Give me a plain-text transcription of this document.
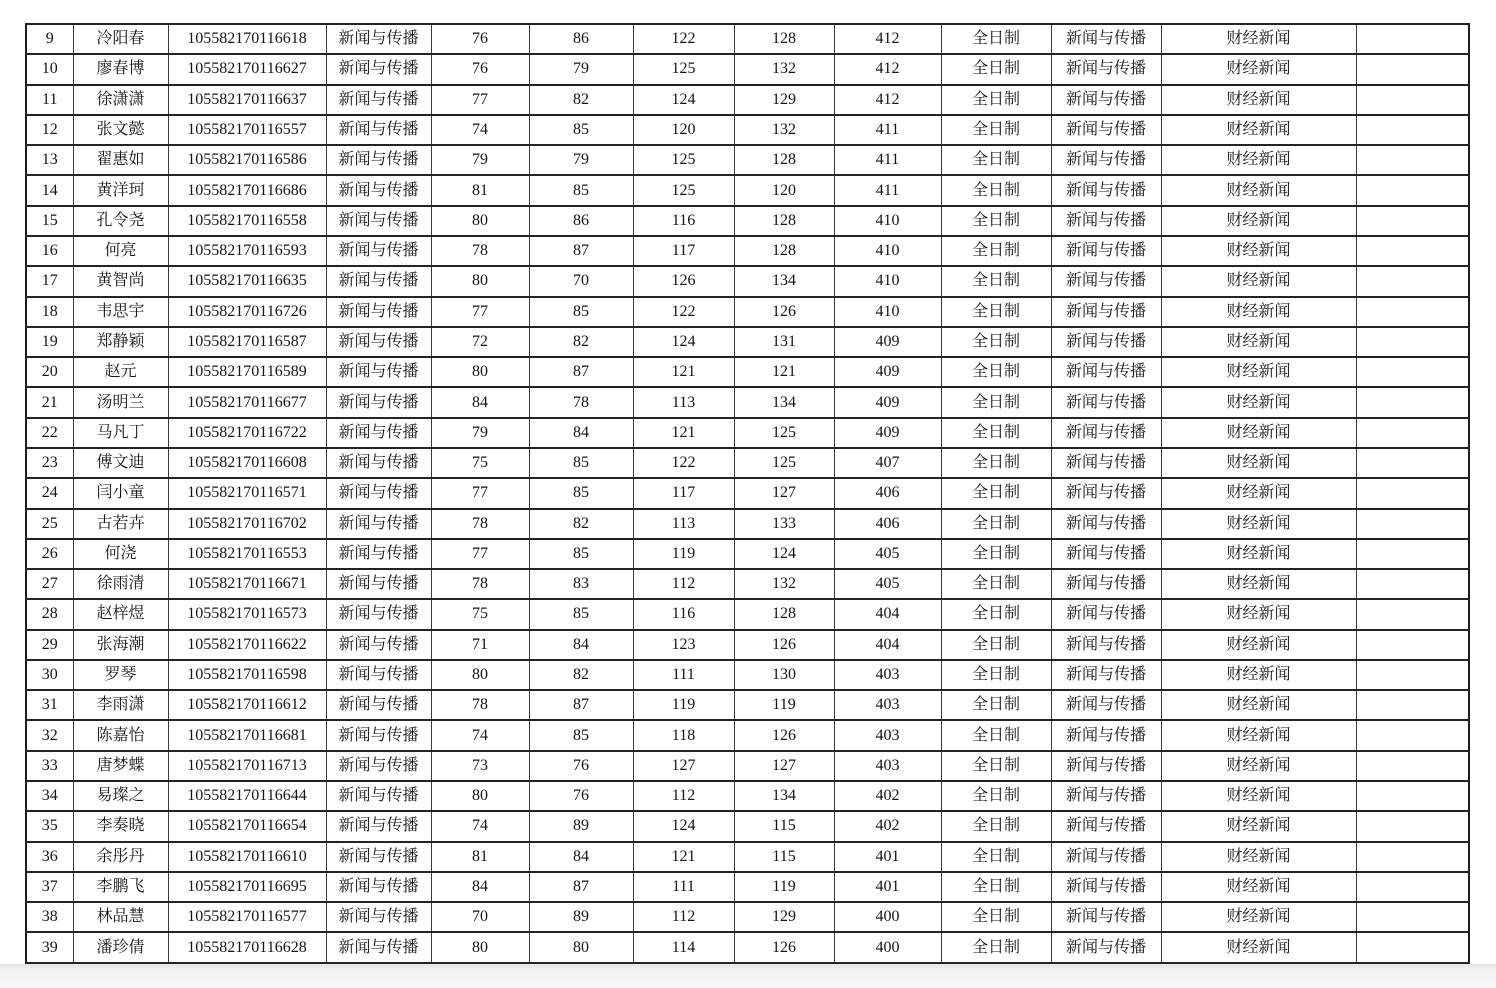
9	冷阳春	105582170116618	新闻与传播	76	86	122	128	412	全日制	新闻与传播	财经新闻	
10	廖春博	105582170116627	新闻与传播	76	79	125	132	412	全日制	新闻与传播	财经新闻	
11	徐潇潇	105582170116637	新闻与传播	77	82	124	129	412	全日制	新闻与传播	财经新闻	
12	张文懿	105582170116557	新闻与传播	74	85	120	132	411	全日制	新闻与传播	财经新闻	
13	翟惠如	105582170116586	新闻与传播	79	79	125	128	411	全日制	新闻与传播	财经新闻	
14	黄洋珂	105582170116686	新闻与传播	81	85	125	120	411	全日制	新闻与传播	财经新闻	
15	孔令尧	105582170116558	新闻与传播	80	86	116	128	410	全日制	新闻与传播	财经新闻	
16	何亮	105582170116593	新闻与传播	78	87	117	128	410	全日制	新闻与传播	财经新闻	
17	黄智尚	105582170116635	新闻与传播	80	70	126	134	410	全日制	新闻与传播	财经新闻	
18	韦思宇	105582170116726	新闻与传播	77	85	122	126	410	全日制	新闻与传播	财经新闻	
19	郑静颖	105582170116587	新闻与传播	72	82	124	131	409	全日制	新闻与传播	财经新闻	
20	赵元	105582170116589	新闻与传播	80	87	121	121	409	全日制	新闻与传播	财经新闻	
21	汤明兰	105582170116677	新闻与传播	84	78	113	134	409	全日制	新闻与传播	财经新闻	
22	马凡丁	105582170116722	新闻与传播	79	84	121	125	409	全日制	新闻与传播	财经新闻	
23	傅文迪	105582170116608	新闻与传播	75	85	122	125	407	全日制	新闻与传播	财经新闻	
24	闫小童	105582170116571	新闻与传播	77	85	117	127	406	全日制	新闻与传播	财经新闻	
25	古若卉	105582170116702	新闻与传播	78	82	113	133	406	全日制	新闻与传播	财经新闻	
26	何浇	105582170116553	新闻与传播	77	85	119	124	405	全日制	新闻与传播	财经新闻	
27	徐雨清	105582170116671	新闻与传播	78	83	112	132	405	全日制	新闻与传播	财经新闻	
28	赵梓煜	105582170116573	新闻与传播	75	85	116	128	404	全日制	新闻与传播	财经新闻	
29	张海潮	105582170116622	新闻与传播	71	84	123	126	404	全日制	新闻与传播	财经新闻	
30	罗琴	105582170116598	新闻与传播	80	82	111	130	403	全日制	新闻与传播	财经新闻	
31	李雨潇	105582170116612	新闻与传播	78	87	119	119	403	全日制	新闻与传播	财经新闻	
32	陈嘉怡	105582170116681	新闻与传播	74	85	118	126	403	全日制	新闻与传播	财经新闻	
33	唐梦蝶	105582170116713	新闻与传播	73	76	127	127	403	全日制	新闻与传播	财经新闻	
34	易璨之	105582170116644	新闻与传播	80	76	112	134	402	全日制	新闻与传播	财经新闻	
35	李奏晓	105582170116654	新闻与传播	74	89	124	115	402	全日制	新闻与传播	财经新闻	
36	余彤丹	105582170116610	新闻与传播	81	84	121	115	401	全日制	新闻与传播	财经新闻	
37	李鹏飞	105582170116695	新闻与传播	84	87	111	119	401	全日制	新闻与传播	财经新闻	
38	林品慧	105582170116577	新闻与传播	70	89	112	129	400	全日制	新闻与传播	财经新闻	
39	潘珍倩	105582170116628	新闻与传播	80	80	114	126	400	全日制	新闻与传播	财经新闻	
